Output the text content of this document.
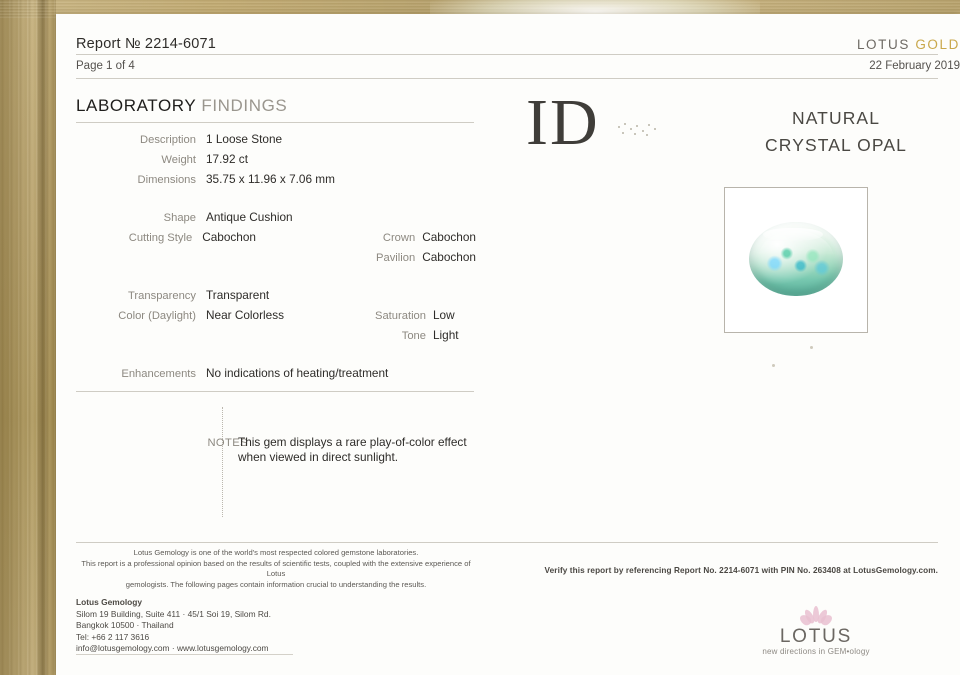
Report № 2214-6071	LOTUS GOLD
Page 1 of 4	22 February 2019
LABORATORY FINDINGS
Description 1 Loose Stone
Weight 17.92 ct
Dimensions 35.75 x 11.96 x 7.06 mm
Shape Antique Cushion
Cutting Style Cabochon	Crown Cabochon
Pavilion Cabochon
Transparency Transparent
Color (Daylight) Near Colorless	Saturation Low
Tone Light
Enhancements No indications of heating/treatment
NOTES
This gem displays a rare play-of-color effect when viewed in direct sunlight.
ID	NATURAL
CRYSTAL OPAL
Lotus Gemology is one of the world's most respected colored gemstone laboratories.
This report is a professional opinion based on the results of scientific tests, coupled with the extensive experience of Lotus
gemologists. The following pages contain information crucial to understanding the results.
Verify this report by referencing Report No. 2214-6071 with PIN No. 263408 at LotusGemology.com.
Lotus Gemology
Silom 19 Building, Suite 411 · 45/1 Soi 19, Silom Rd.
Bangkok 10500 · Thailand
Tel: +66 2 117 3616
info@lotusgemology.com · www.lotusgemology.com
LOTUS
new directions in GEM•ology
